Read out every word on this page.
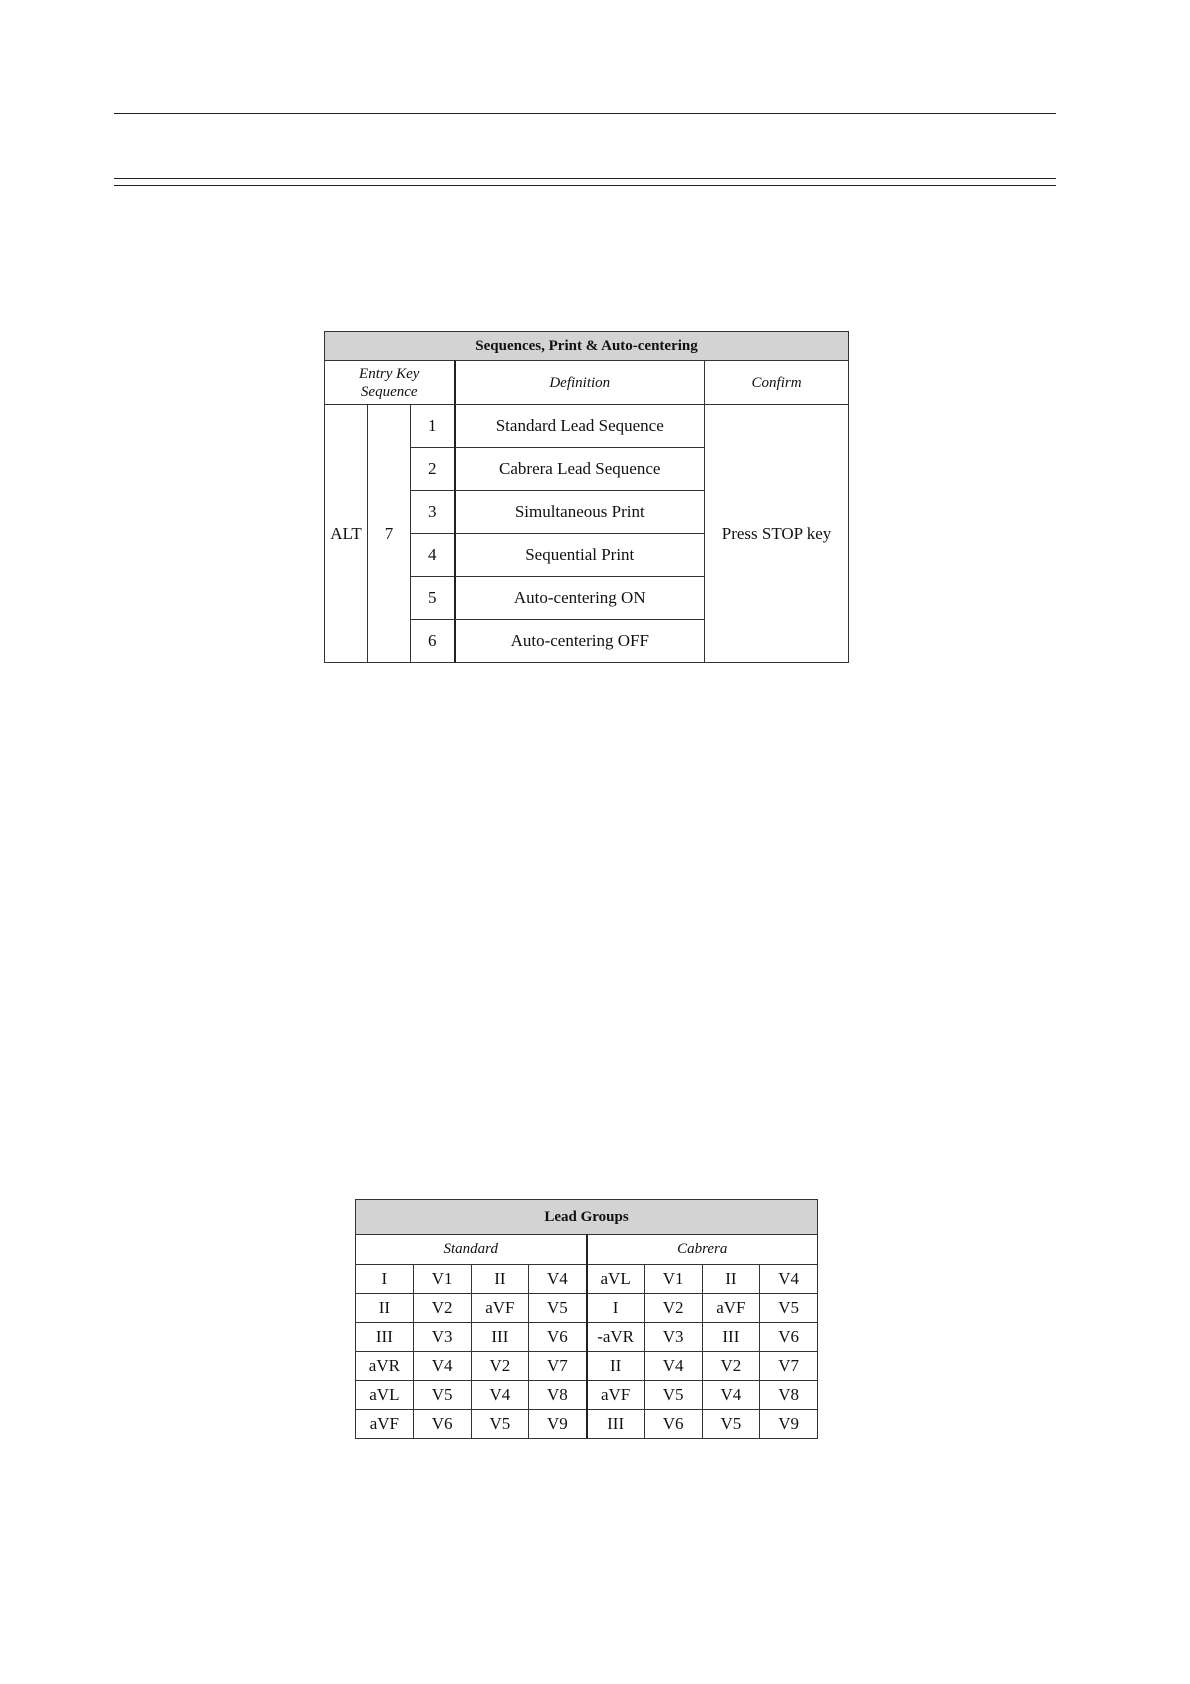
Sequences, Print & Auto-centering				
Entry Key Sequence			Definition	Confirm
ALT	7	1	Standard Lead Sequence	Press STOP key
		2	Cabrera Lead Sequence	
		3	Simultaneous Print	
		4	Sequential Print	
		5	Auto-centering ON	
		6	Auto-centering OFF	
Lead Groups							
Standard				Cabrera			
I	V1	II	V4	aVL	V1	II	V4
II	V2	aVF	V5	I	V2	aVF	V5
III	V3	III	V6	-aVR	V3	III	V6
aVR	V4	V2	V7	II	V4	V2	V7
aVL	V5	V4	V8	aVF	V5	V4	V8
aVF	V6	V5	V9	III	V6	V5	V9
